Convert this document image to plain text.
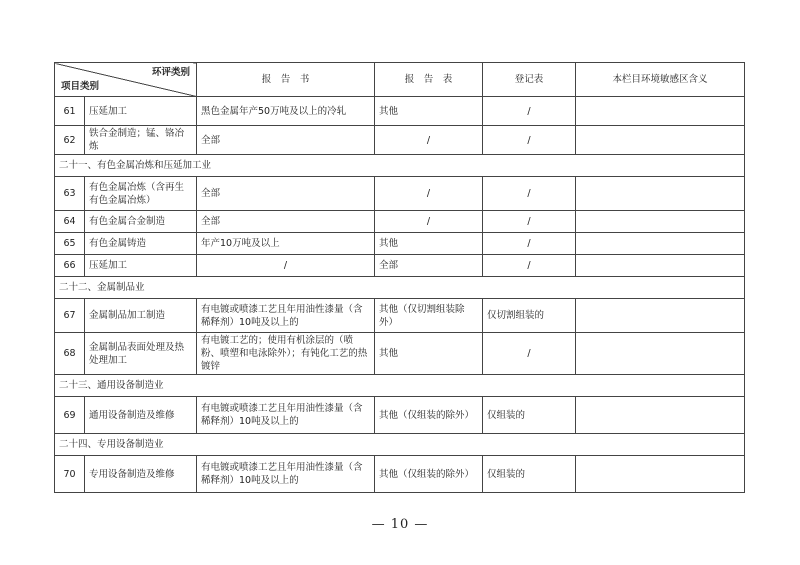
环评类别
项目类别		报　告　书	报　告　表	登记表	本栏目环境敏感区含义
61	压延加工	黑色金属年产50万吨及以上的冷轧	其他	/	
62	铁合金制造；锰、铬冶炼	全部	/	/	
二十一、有色金属冶炼和压延加工业					
63	有色金属冶炼（含再生有色金属冶炼）	全部	/	/	
64	有色金属合金制造	全部	/	/	
65	有色金属铸造	年产10万吨及以上	其他	/	
66	压延加工	/	全部	/	
二十二、金属制品业					
67	金属制品加工制造	有电镀或喷漆工艺且年用油性漆量（含稀释剂）10吨及以上的	其他（仅切割组装除外）	仅切割组装的	
68	金属制品表面处理及热处理加工	有电镀工艺的；使用有机涂层的（喷粉、喷塑和电泳除外）；有钝化工艺的热镀锌	其他	/	
二十三、通用设备制造业					
69	通用设备制造及维修	有电镀或喷漆工艺且年用油性漆量（含稀释剂）10吨及以上的	其他（仅组装的除外）	仅组装的	
二十四、专用设备制造业					
70	专用设备制造及维修	有电镀或喷漆工艺且年用油性漆量（含稀释剂）10吨及以上的	其他（仅组装的除外）	仅组装的	
— 10 —
